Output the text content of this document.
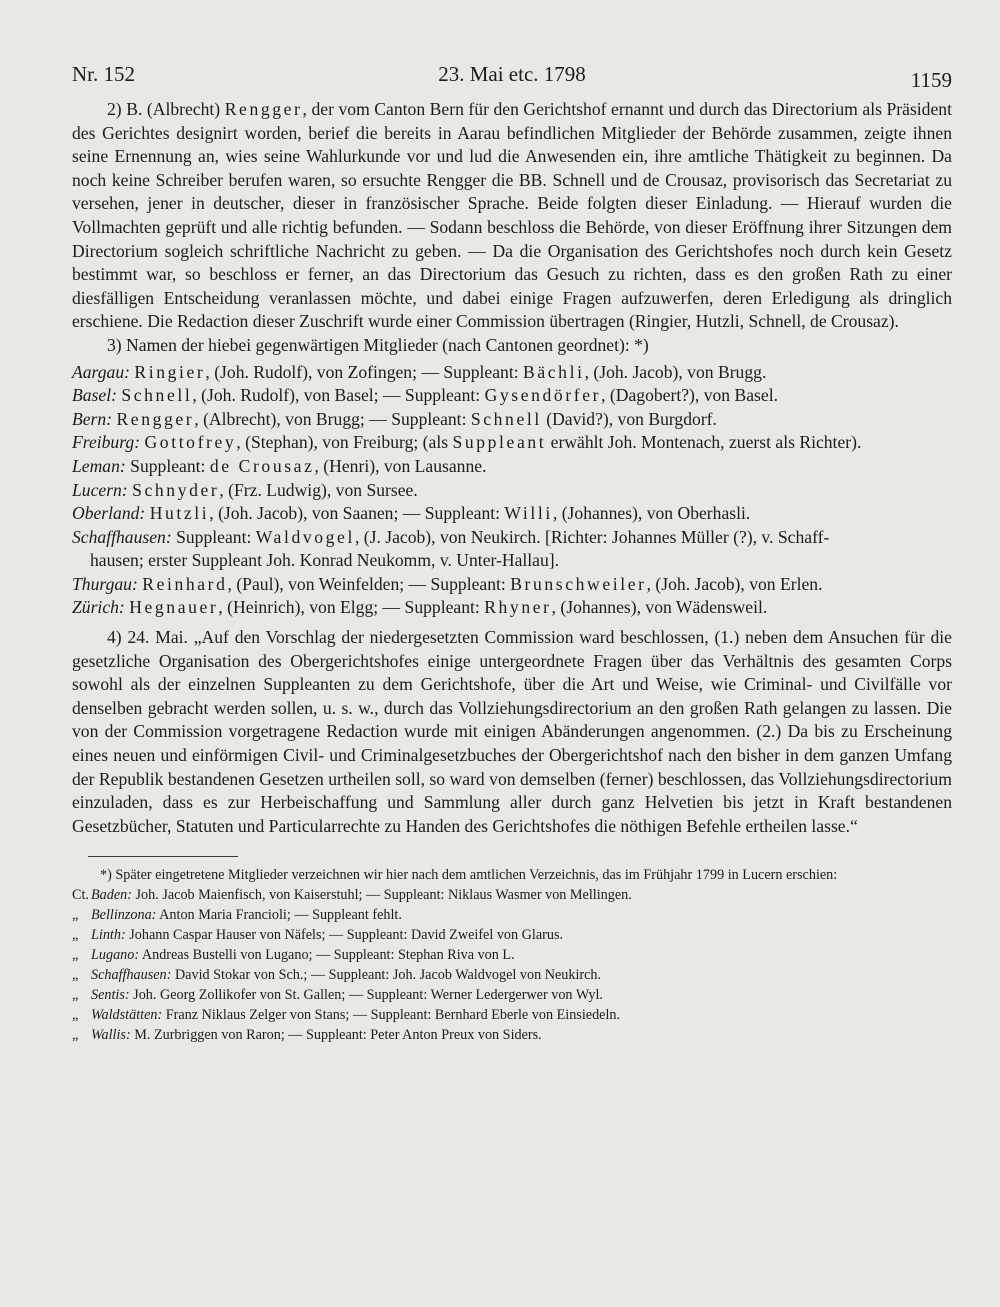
Nr. 152	23. Mai etc. 1798	1159

2) B. (Albrecht) Rengger, der vom Canton Bern für den Gerichtshof ernannt und durch das Directorium als Präsident des Gerichtes designirt worden, berief die bereits in Aarau befindlichen Mitglieder der Behörde zusammen, zeigte ihnen seine Ernennung an, wies seine Wahlurkunde vor und lud die Anwesenden ein, ihre amtliche Thätigkeit zu beginnen. Da noch keine Schreiber berufen waren, so ersuchte Rengger die BB. Schnell und de Crousaz, provisorisch das Secretariat zu versehen, jener in deutscher, dieser in französischer Sprache. Beide folgten dieser Einladung. — Hierauf wurden die Vollmachten geprüft und alle richtig befunden. — Sodann beschloss die Behörde, von dieser Eröffnung ihrer Sitzungen dem Directorium sogleich schriftliche Nachricht zu geben. — Da die Organisation des Gerichtshofes noch durch kein Gesetz bestimmt war, so beschloss er ferner, an das Directorium das Gesuch zu richten, dass es den großen Rath zu einer diesfälligen Entscheidung veranlassen möchte, und dabei einige Fragen aufzuwerfen, deren Erledigung als dringlich erschiene. Die Redaction dieser Zuschrift wurde einer Commission übertragen (Ringier, Hutzli, Schnell, de Crousaz).

3) Namen der hiebei gegenwärtigen Mitglieder (nach Cantonen geordnet): *)

Aargau: Ringier, (Joh. Rudolf), von Zofingen; — Suppleant: Bächli, (Joh. Jacob), von Brugg.

Basel: Schnell, (Joh. Rudolf), von Basel; — Suppleant: Gysendörfer, (Dagobert?), von Basel.

Bern: Rengger, (Albrecht), von Brugg; — Suppleant: Schnell (David?), von Burgdorf.

Freiburg: Gottofrey, (Stephan), von Freiburg; (als Suppleant erwählt Joh. Montenach, zuerst als Richter).

Leman: Suppleant: de Crousaz, (Henri), von Lausanne.

Lucern: Schnyder, (Frz. Ludwig), von Sursee.

Oberland: Hutzli, (Joh. Jacob), von Saanen; — Suppleant: Willi, (Johannes), von Oberhasli.

Schaffhausen: Suppleant: Waldvogel, (J. Jacob), von Neukirch. [Richter: Johannes Müller (?), v. Schaff-
hausen; erster Suppleant Joh. Konrad Neukomm, v. Unter-Hallau].

Thurgau: Reinhard, (Paul), von Weinfelden; — Suppleant: Brunschweiler, (Joh. Jacob), von Erlen.

Zürich: Hegnauer, (Heinrich), von Elgg; — Suppleant: Rhyner, (Johannes), von Wädensweil.

4) 24. Mai. „Auf den Vorschlag der niedergesetzten Commission ward beschlossen, (1.) neben dem Ansuchen für die gesetzliche Organisation des Obergerichtshofes einige untergeordnete Fragen über das Verhältnis des gesamten Corps sowohl als der einzelnen Suppleanten zu dem Gerichtshofe, über die Art und Weise, wie Criminal- und Civilfälle vor denselben gebracht werden sollen, u. s. w., durch das Vollziehungsdirectorium an den großen Rath gelangen zu lassen. Die von der Commission vorgetragene Redaction wurde mit einigen Abänderungen angenommen. (2.) Da bis zu Erscheinung eines neuen und einförmigen Civil- und Criminalgesetzbuches der Obergerichtshof nach den bisher in dem ganzen Umfang der Republik bestandenen Gesetzen urtheilen soll, so ward von demselben (ferner) beschlossen, das Vollziehungsdirectorium einzuladen, dass es zur Herbeischaffung und Sammlung aller durch ganz Helvetien bis jetzt in Kraft bestandenen Gesetzbücher, Statuten und Particularrechte zu Handen des Gerichtshofes die nöthigen Befehle ertheilen lasse.“

*) Später eingetretene Mitglieder verzeichnen wir hier nach dem amtlichen Verzeichnis, das im Frühjahr 1799 in Lucern erschien:

Ct. Baden: Joh. Jacob Maienfisch, von Kaiserstuhl; — Suppleant: Niklaus Wasmer von Mellingen.

„ Bellinzona: Anton Maria Francioli; — Suppleant fehlt.

„ Linth: Johann Caspar Hauser von Näfels; — Suppleant: David Zweifel von Glarus.

„ Lugano: Andreas Bustelli von Lugano; — Suppleant: Stephan Riva von L.

„ Schaffhausen: David Stokar von Sch.; — Suppleant: Joh. Jacob Waldvogel von Neukirch.

„ Sentis: Joh. Georg Zollikofer von St. Gallen; — Suppleant: Werner Ledergerwer von Wyl.

„ Waldstätten: Franz Niklaus Zelger von Stans; — Suppleant: Bernhard Eberle von Einsiedeln.

„ Wallis: M. Zurbriggen von Raron; — Suppleant: Peter Anton Preux von Siders.
